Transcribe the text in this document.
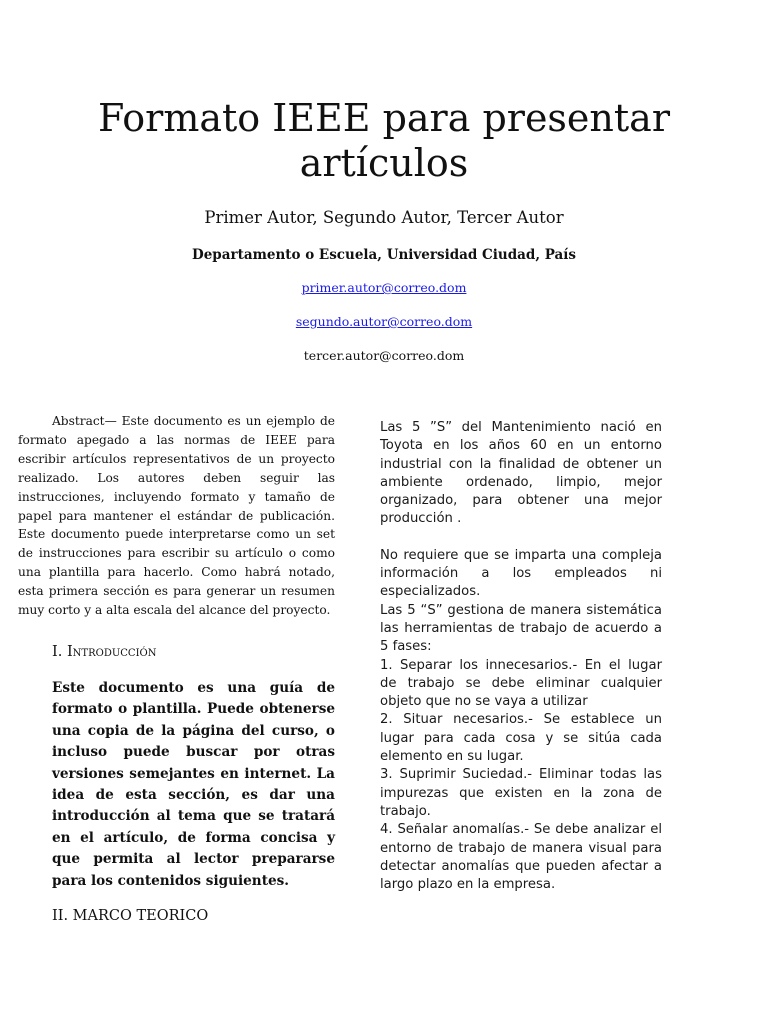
Formato IEEE para presentar artículos
Primer Autor, Segundo Autor, Tercer Autor
Departamento o Escuela, Universidad Ciudad, País
primer.autor@correo.dom
segundo.autor@correo.dom
tercer.autor@correo.dom

Abstract— Este documento es un ejemplo de formato apegado a las normas de IEEE para escribir artículos representativos de un proyecto realizado. Los autores deben seguir las instrucciones, incluyendo formato y tamaño de papel para mantener el estándar de publicación. Este documento puede interpretarse como un set de instrucciones para escribir su artículo o como una plantilla para hacerlo. Como habrá notado, esta primera sección es para generar un resumen muy corto y a alta escala del alcance del proyecto.

I. Introducción

Este documento es una guía de formato o plantilla. Puede obtenerse una copia de la página del curso, o incluso puede buscar por otras versiones semejantes en internet. La idea de esta sección, es dar una introducción al tema que se tratará en el artículo, de forma concisa y que permita al lector prepararse para los contenidos siguientes.

II. MARCO TEORICO

Las 5 ”S” del Mantenimiento nació en Toyota en los años 60 en un entorno industrial con la finalidad de obtener un ambiente ordenado, limpio, mejor organizado, para obtener una mejor producción .

No requiere que se imparta una compleja información a los empleados ni especializados.

Las 5 “S” gestiona de manera sistemática las herramientas de trabajo de acuerdo a 5 fases:

1. Separar los innecesarios.- En el lugar de trabajo se debe eliminar cualquier objeto que no se vaya a utilizar

2. Situar necesarios.- Se establece un lugar para cada cosa y se sitúa cada elemento en su lugar.

3. Suprimir Suciedad.- Eliminar todas las impurezas que existen en la zona de trabajo.

4. Señalar anomalías.- Se debe analizar el entorno de trabajo de manera visual para detectar anomalías que pueden afectar a largo plazo en la empresa.
